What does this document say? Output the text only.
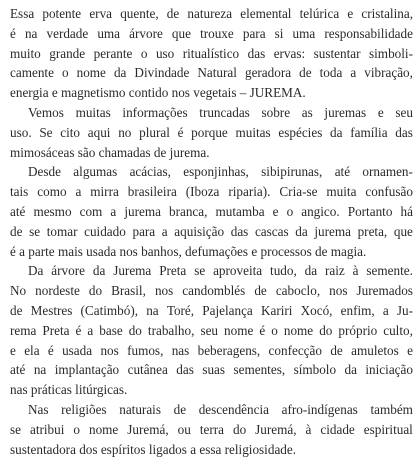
Essa potente erva quente, de natureza elemental telúrica e cristalina,
é na verdade uma árvore que trouxe para si uma responsabilidade
muito grande perante o uso ritualístico das ervas: sustentar simboli-
camente o nome da Divindade Natural geradora de toda a vibração,
energia e magnetismo contido nos vegetais – JUREMA.
Vemos muitas informações truncadas sobre as juremas e seu
uso. Se cito aqui no plural é porque muitas espécies da família das
mimosáceas são chamadas de jurema.
Desde algumas acácias, esponjinhas, sibipirunas, até ornamen-
tais como a mirra brasileira (Iboza riparia). Cria-se muita confusão
até mesmo com a jurema branca, mutamba e o angico. Portanto há
de se tomar cuidado para a aquisição das cascas da jurema preta, que
é a parte mais usada nos banhos, defumações e processos de magia.
Da árvore da Jurema Preta se aproveita tudo, da raiz à semente.
No nordeste do Brasil, nos candomblés de caboclo, nos Juremados
de Mestres (Catimbó), na Toré, Pajelança Kariri Xocó, enfim, a Ju-
rema Preta é a base do trabalho, seu nome é o nome do próprio culto,
e ela é usada nos fumos, nas beberagens, confecção de amuletos e
até na implantação cutânea das suas sementes, símbolo da iniciação
nas práticas litúrgicas.
Nas religiões naturais de descendência afro-indígenas também
se atribui o nome Juremá, ou terra do Juremá, à cidade espiritual
sustentadora dos espíritos ligados a essa religiosidade.
